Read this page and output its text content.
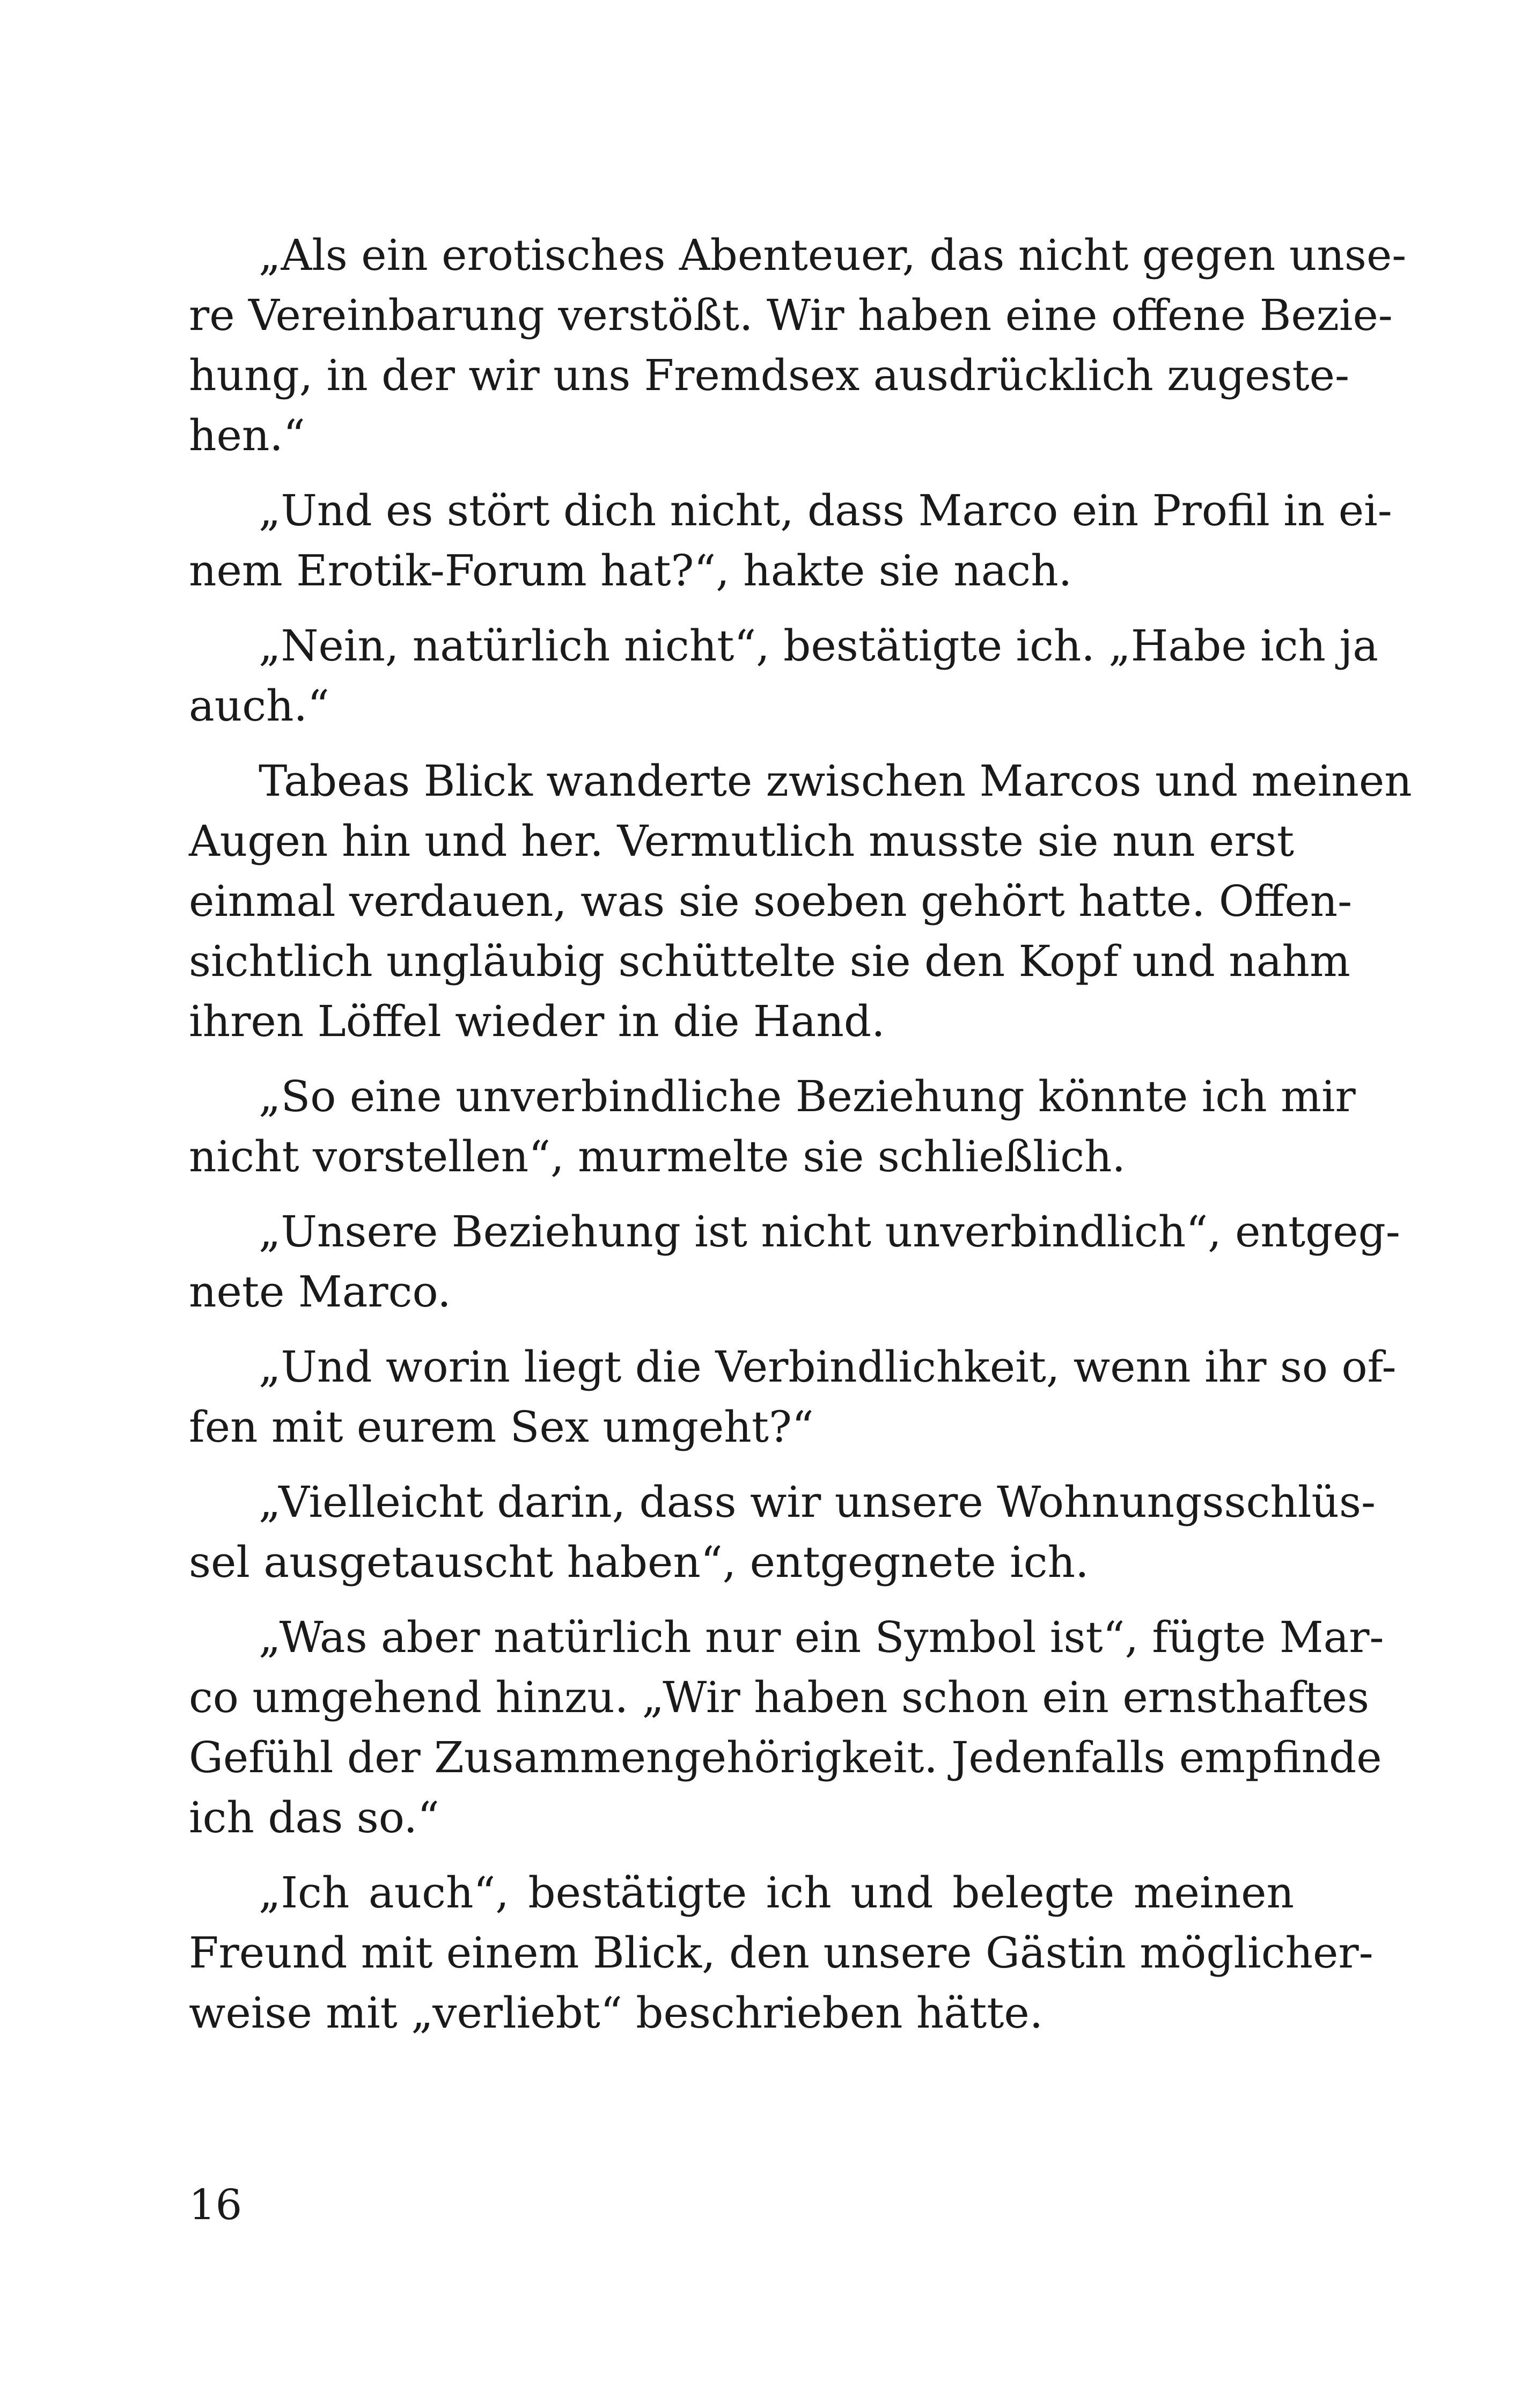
„Als ein erotisches Abenteuer, das nicht gegen unse-
re Vereinbarung verstößt. Wir haben eine offene Bezie-
hung, in der wir uns Fremdsex ausdrücklich zugeste-
hen.“
„Und es stört dich nicht, dass Marco ein Profil in ei-
nem Erotik-Forum hat?“, hakte sie nach.
„Nein, natürlich nicht“, bestätigte ich. „Habe ich ja
auch.“
Tabeas Blick wanderte zwischen Marcos und meinen
Augen hin und her. Vermutlich musste sie nun erst
einmal verdauen, was sie soeben gehört hatte. Offen-
sichtlich ungläubig schüttelte sie den Kopf und nahm
ihren Löffel wieder in die Hand.
„So eine unverbindliche Beziehung könnte ich mir
nicht vorstellen“, murmelte sie schließlich.
„Unsere Beziehung ist nicht unverbindlich“, entgeg-
nete Marco.
„Und worin liegt die Verbindlichkeit, wenn ihr so of-
fen mit eurem Sex umgeht?“
„Vielleicht darin, dass wir unsere Wohnungsschlüs-
sel ausgetauscht haben“, entgegnete ich.
„Was aber natürlich nur ein Symbol ist“, fügte Mar-
co umgehend hinzu. „Wir haben schon ein ernsthaftes
Gefühl der Zusammengehörigkeit. Jedenfalls empfinde
ich das so.“
„Ich auch“, bestätigte ich und belegte meinen
Freund mit einem Blick, den unsere Gästin möglicher-
weise mit „verliebt“ beschrieben hätte.
16
